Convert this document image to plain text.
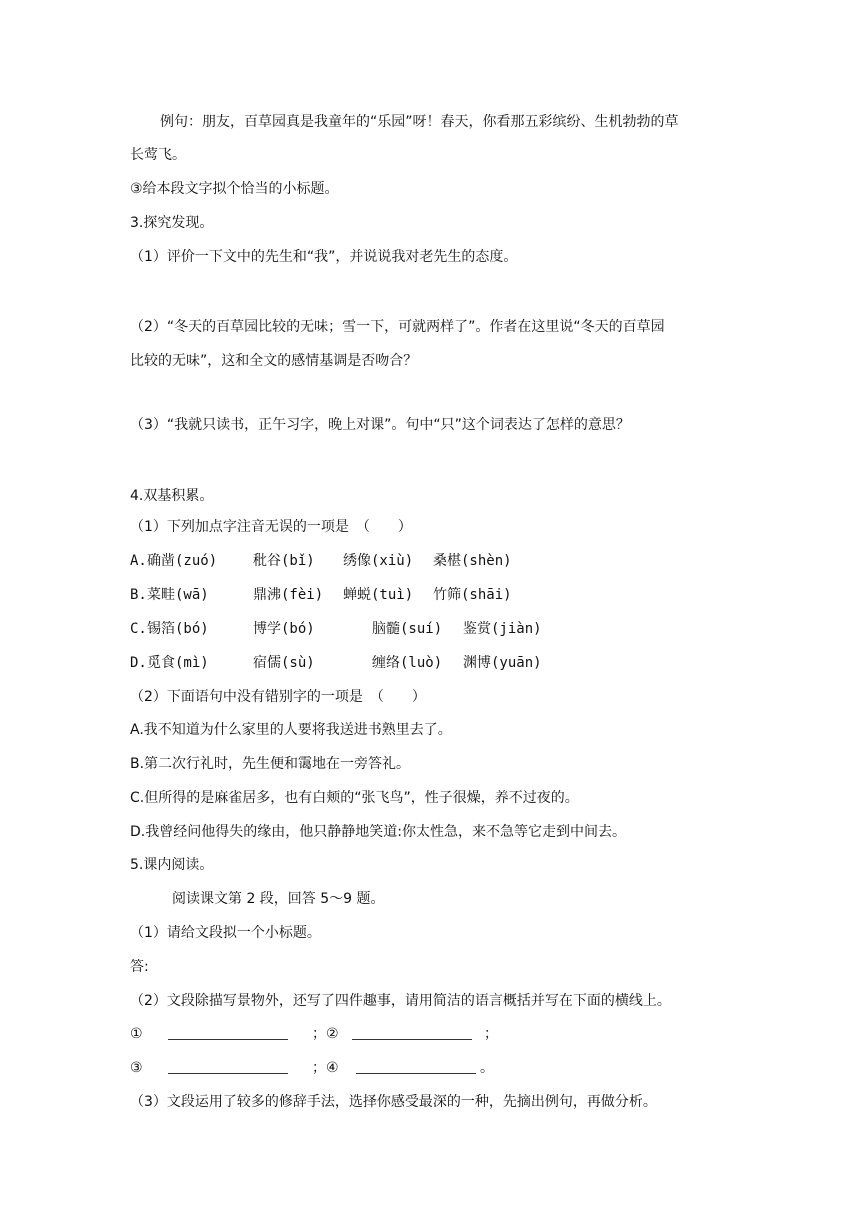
例句：朋友，百草园真是我童年的“乐园”呀！春天，你看那五彩缤纷、生机勃勃的草
长莺飞。
③给本段文字拟个恰当的小标题。
3.探究发现。
（1）评价一下文中的先生和“我”，并说说我对老先生的态度。
（2）“冬天的百草园比较的无味；雪一下，可就两样了”。作者在这里说“冬天的百草园
比较的无味”，这和全文的感情基调是否吻合？
（3）“我就只读书，正午习字，晚上对课”。句中“只”这个词表达了怎样的意思？
4.双基积累。
（1）下列加点字注音无误的一项是　（　　）
A. 确凿(zuó)	秕谷(bǐ) 绣像(xiù) 桑椹(shèn)
B. 菜畦(wā)	鼎沸(fèi) 蝉蜕(tuì) 竹筛(shāi)
C. 锡箔(bó)	博学(bó)	脑髓(suí) 鉴赏(jiàn)
D. 觅食(mì)	宿儒(sù)	缠络(luò) 渊博(yuān)
（2）下面语句中没有错别字的一项是　（　　）
A.我不知道为什么家里的人要将我送进书熟里去了。
B.第二次行礼时，先生便和霭地在一旁答礼。
C.但所得的是麻雀居多，也有白颊的“张飞鸟”，性子很燥，养不过夜的。
D.我曾经问他得失的缘由，他只静静地笑道:你太性急，来不急等它走到中间去。
5.课内阅读。
阅读课文第 2 段，回答 5～9 题。
（1）请给文段拟一个小标题。
答:
（2）文段除描写景物外，还写了四件趣事，请用简洁的语言概括并写在下面的横线上。
①	；②	；
③	；④	。
（3）文段运用了较多的修辞手法，选择你感受最深的一种，先摘出例句，再做分析。
